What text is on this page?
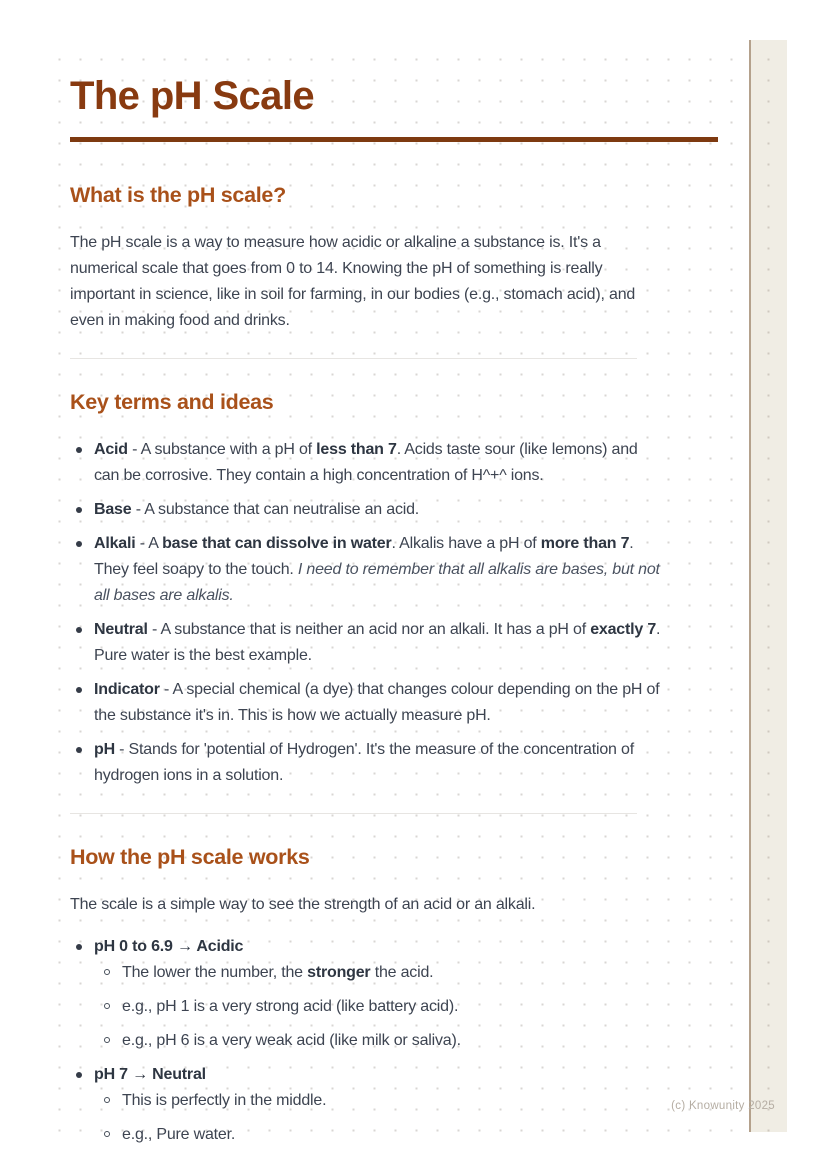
The pH Scale
What is the pH scale?

The pH scale is a way to measure how acidic or alkaline a substance is. It's a numerical scale that goes from 0 to 14. Knowing the pH of something is really important in science, like in soil for farming, in our bodies (e.g., stomach acid), and even in making food and drinks.

Key terms and ideas
Acid - A substance with a pH of less than 7. Acids taste sour (like lemons) and can be corrosive. They contain a high concentration of H^+^ ions.
Base - A substance that can neutralise an acid.
Alkali - A base that can dissolve in water. Alkalis have a pH of more than 7. They feel soapy to the touch. I need to remember that all alkalis are bases, but not all bases are alkalis.
Neutral - A substance that is neither an acid nor an alkali. It has a pH of exactly 7. Pure water is the best example.
Indicator - A special chemical (a dye) that changes colour depending on the pH of the substance it's in. This is how we actually measure pH.
pH - Stands for 'potential of Hydrogen'. It's the measure of the concentration of hydrogen ions in a solution.
How the pH scale works

The scale is a simple way to see the strength of an acid or an alkali.

pH 0 to 6.9 → Acidic
The lower the number, the stronger the acid.
e.g., pH 1 is a very strong acid (like battery acid).
e.g., pH 6 is a very weak acid (like milk or saliva).
pH 7 → Neutral
This is perfectly in the middle.
e.g., Pure water.
(c) Knowunity 2025
